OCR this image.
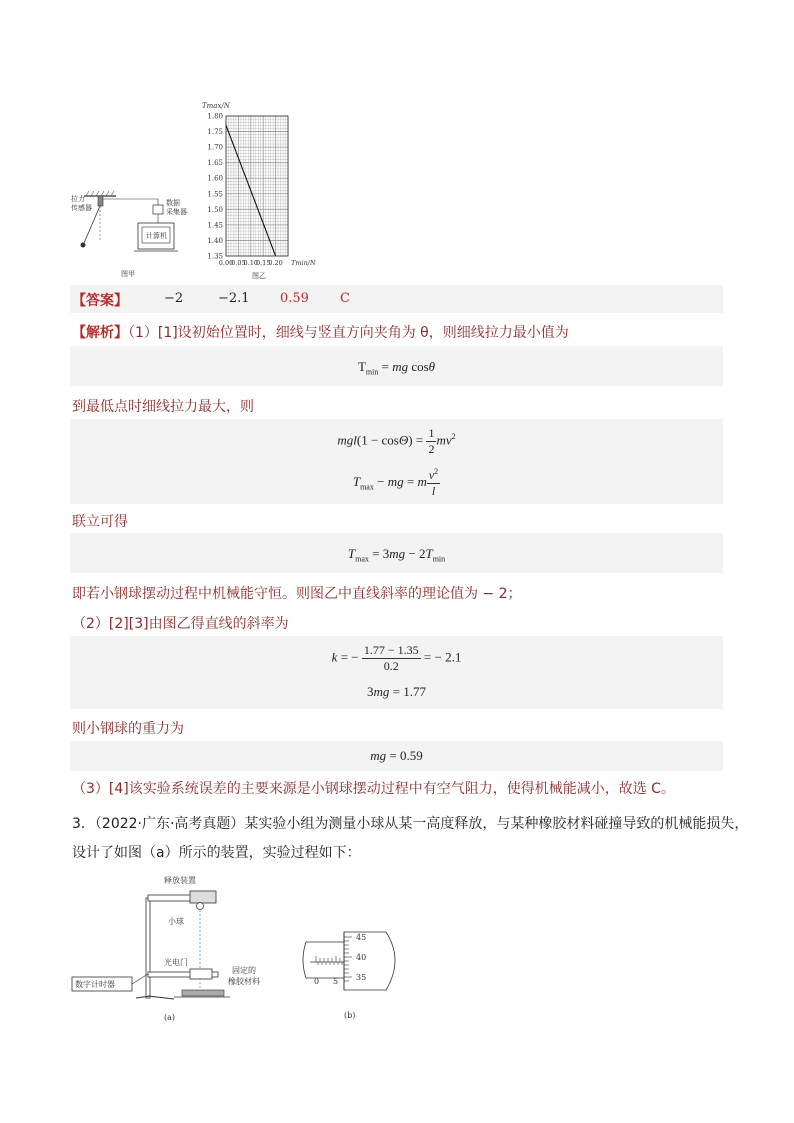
拉力
传感器
数据
采集器
计算机
图甲
1.80
1.75
1.70
1.65
1.60
1.55
1.50
1.45
1.40
1.35
0.00
0.05
0.10
0.15
0.20
Tmax/N
Tmin/N
图乙
【答案】	−2	−2.1 0.59 C
【解析】（1）[1]设初始位置时，细线与竖直方向夹角为 θ，则细线拉力最小值为
$T_{min}$ = mg cosθ
到最低点时细线拉力最大，则
$mgl(1 - \cos\Theta) = \frac{1}{2} mv^2$
$T_{max}$ − mg = m $\frac{v^2}{l}$
联立可得
$T_{max} = 3mg - 2T_{min}$
即若小钢球摆动过程中机械能守恒。则图乙中直线斜率的理论值为 − 2；
（2）[2][3]由图乙得直线的斜率为
k = − $\frac{1.77 - 1.35}{0.2}$ = − 2.1
3mg = 1.77
则小钢球的重力为
mg = 0.59
（3）[4]该实验系统误差的主要来源是小钢球摆动过程中有空气阻力，使得机械能减小，故选 C。
3．（2022·广东·高考真题）某实验小组为测量小球从某一高度释放，与某种橡胶材料碰撞导致的机械能损失，
设计了如图（a）所示的装置，实验过程如下：
释放装置
小球
光电门
数字计时器
固定的
橡胶材料
(a)
45
40
35
0 5
(b)
